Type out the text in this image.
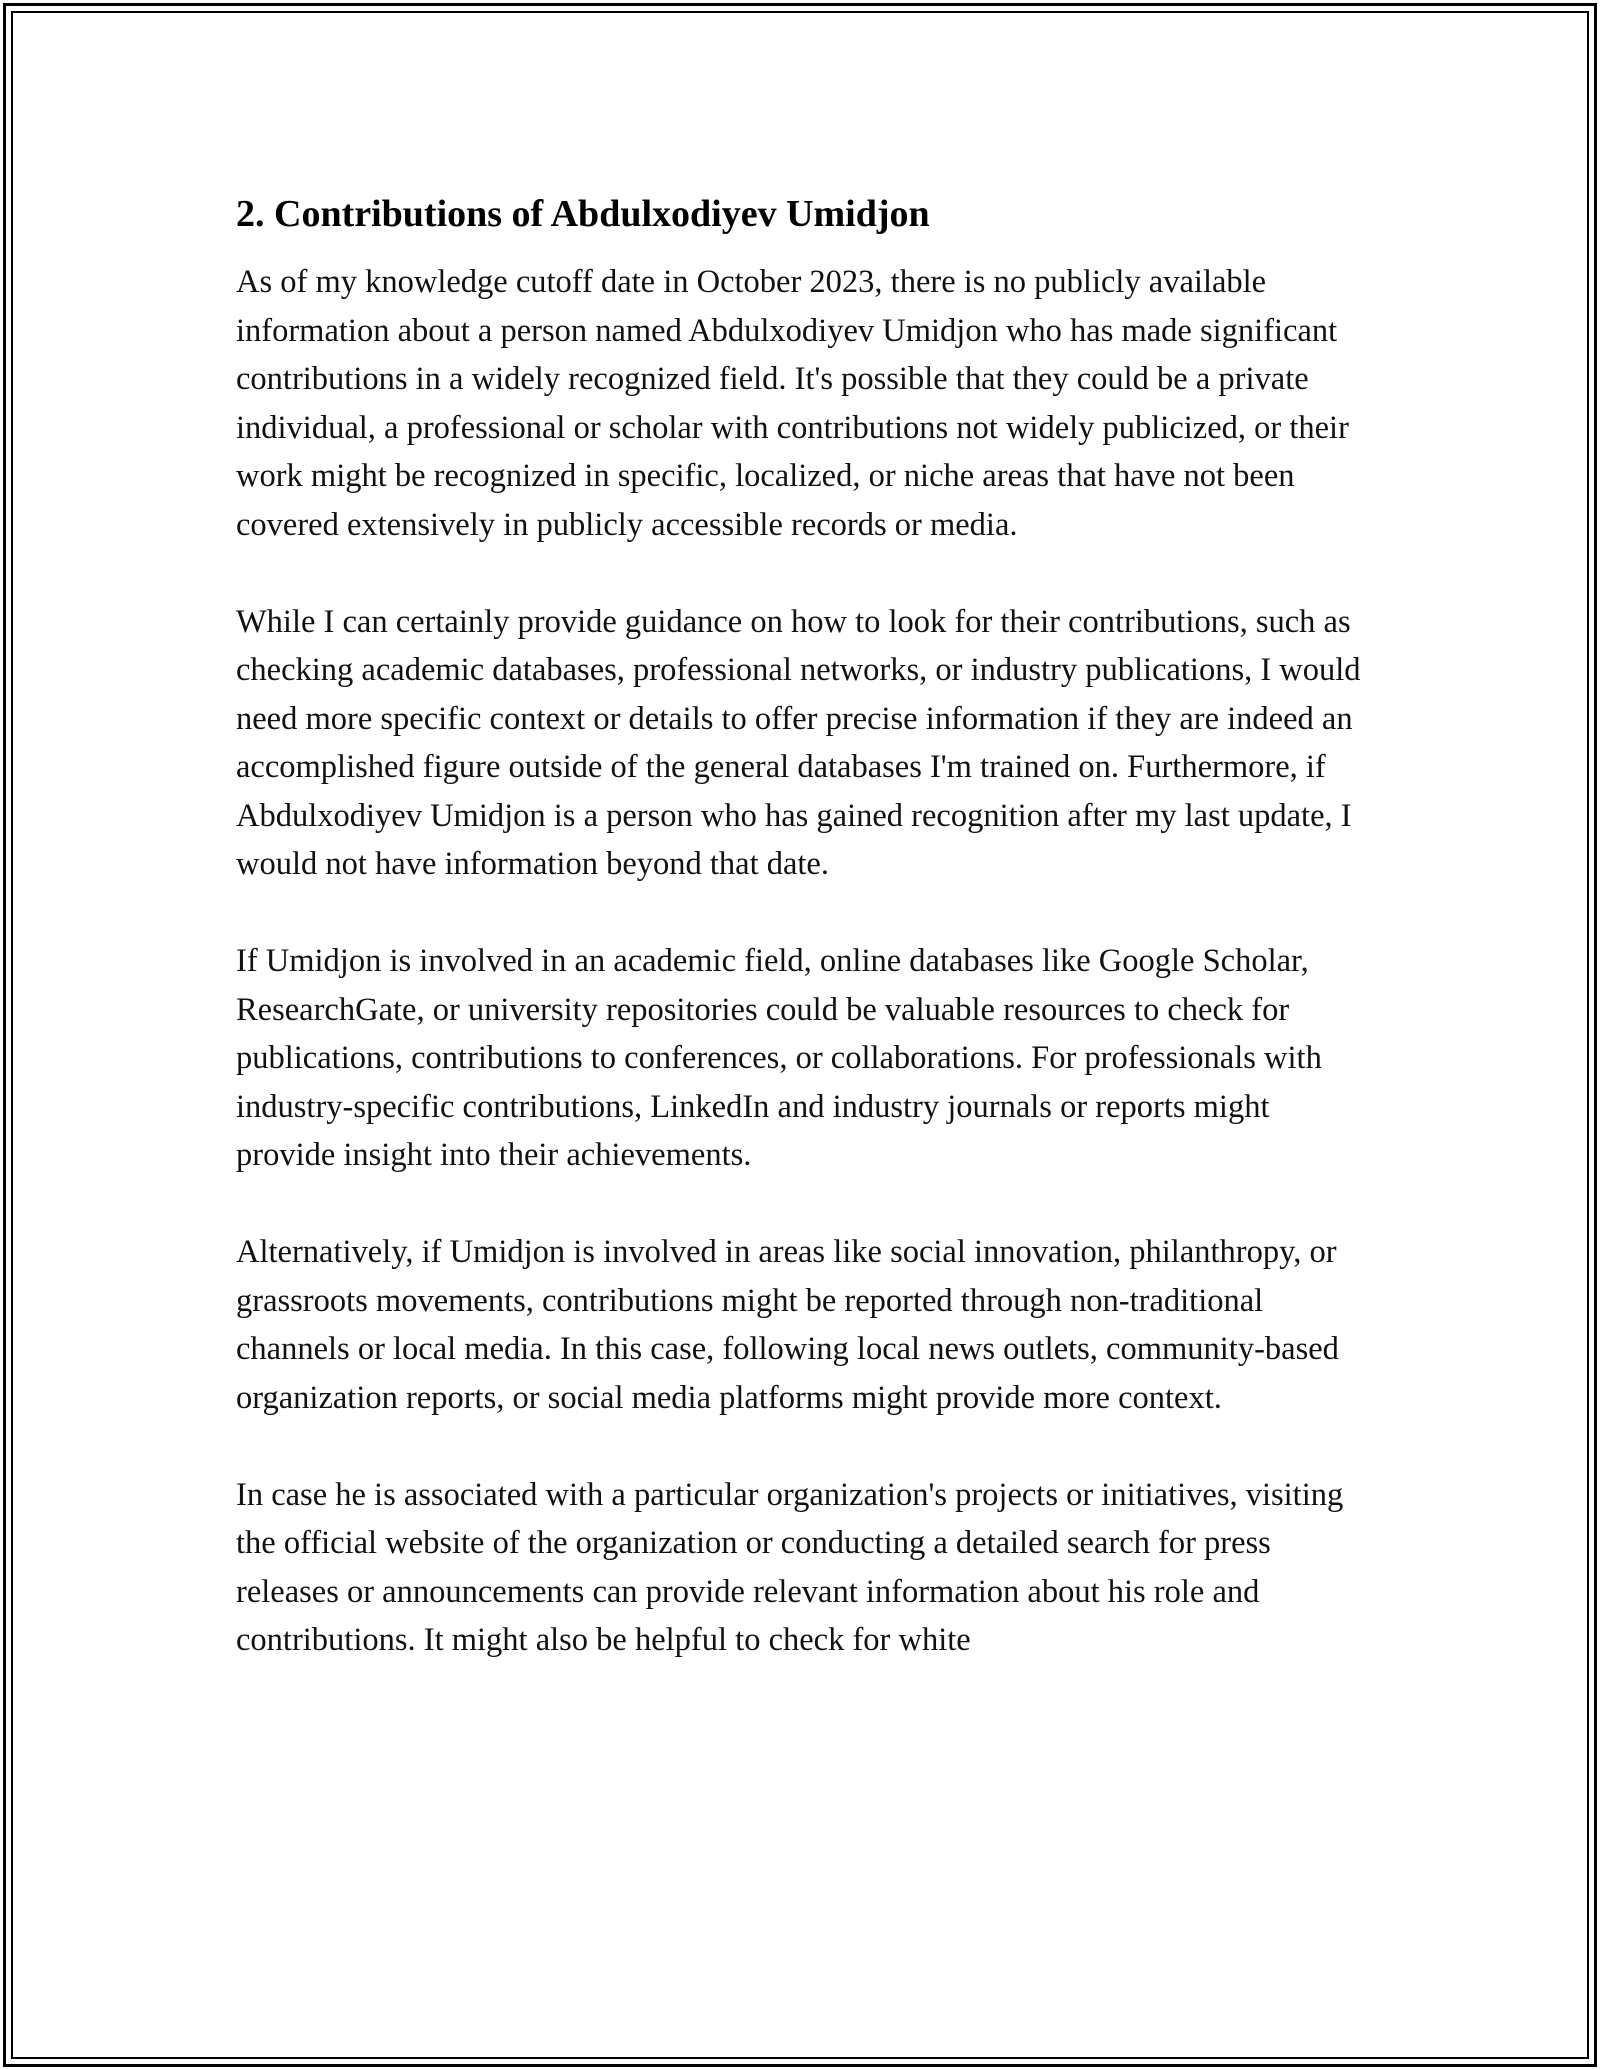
2. Contributions of Abdulxodiyev Umidjon

As of my knowledge cutoff date in October 2023, there is no publicly available information about a person named Abdulxodiyev Umidjon who has made significant contributions in a widely recognized field. It's possible that they could be a private individual, a professional or scholar with contributions not widely publicized, or their work might be recognized in specific, localized, or niche areas that have not been covered extensively in publicly accessible records or media.

While I can certainly provide guidance on how to look for their contributions, such as checking academic databases, professional networks, or industry publications, I would need more specific context or details to offer precise information if they are indeed an accomplished figure outside of the general databases I'm trained on. Furthermore, if Abdulxodiyev Umidjon is a person who has gained recognition after my last update, I would not have information beyond that date.

If Umidjon is involved in an academic field, online databases like Google Scholar, ResearchGate, or university repositories could be valuable resources to check for publications, contributions to conferences, or collaborations. For professionals with industry-specific contributions, LinkedIn and industry journals or reports might provide insight into their achievements.

Alternatively, if Umidjon is involved in areas like social innovation, philanthropy, or grassroots movements, contributions might be reported through non-traditional channels or local media. In this case, following local news outlets, community-based organization reports, or social media platforms might provide more context.

In case he is associated with a particular organization's projects or initiatives, visiting the official website of the organization or conducting a detailed search for press releases or announcements can provide relevant information about his role and contributions. It might also be helpful to check for white
